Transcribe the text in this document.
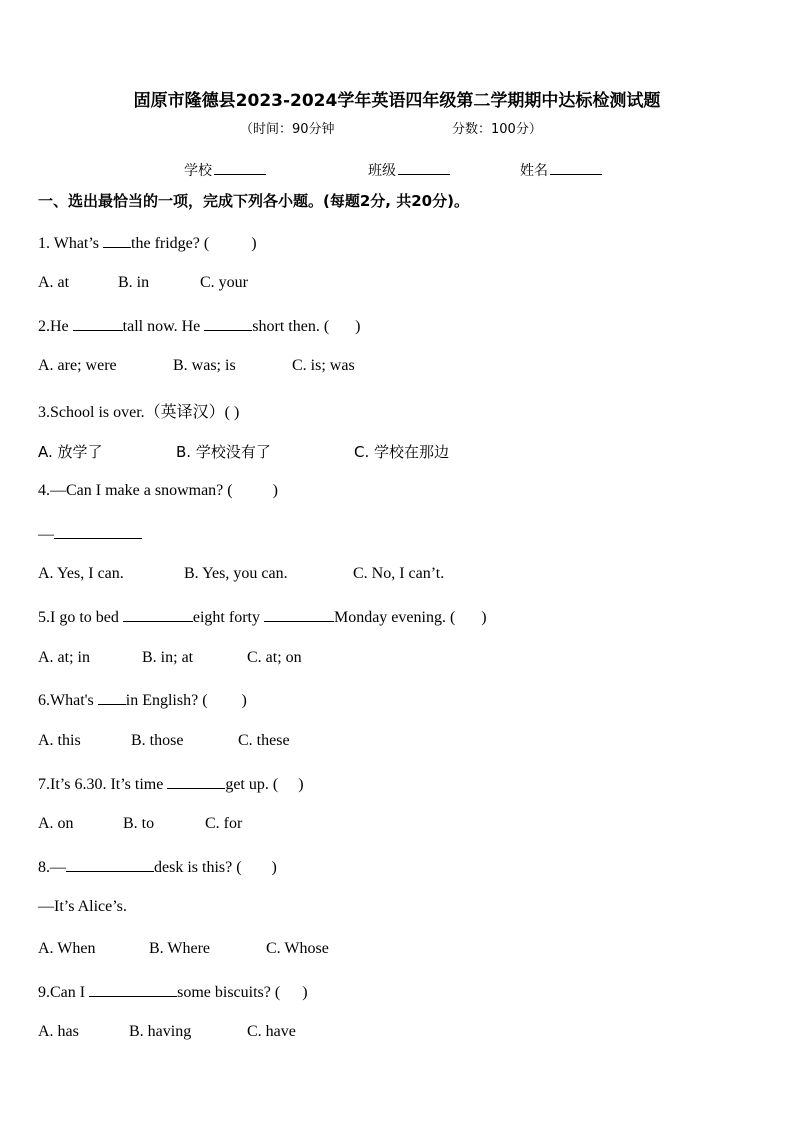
固原市隆德县2023-2024学年英语四年级第二学期期中达标检测试题
（时间：90分钟	分数：100分）
学校	班级	姓名
一、选出最恰当的一项，完成下列各小题。(每题2分, 共20分)。
1. What’s the fridge? (	)
A. at	B. in	C. your
2.He	tall now. He	short then. ( )
A. are; were	B. was; is	C. is; was
3.School is over.（英译汉）( )
A. 放学了	B. 学校没有了	C. 学校在那边
4.—Can I make a snowman? (	)
—
A. Yes, I can.	B. Yes, you can.	C. No, I can’t.
5.I go to bed	eight forty	Monday evening. ( )
A. at; in	B. in; at	C. at; on
6.What's in English? ( )
A. this	B. those	C. these
7.It’s 6.30. It’s time	get up. ( )
A. on	B. to	C. for
8.—	desk is this? ( )
—It’s Alice’s.
A. When	B. Where	C. Whose
9.Can I	some biscuits? ( )
A. has	B. having	C. have
